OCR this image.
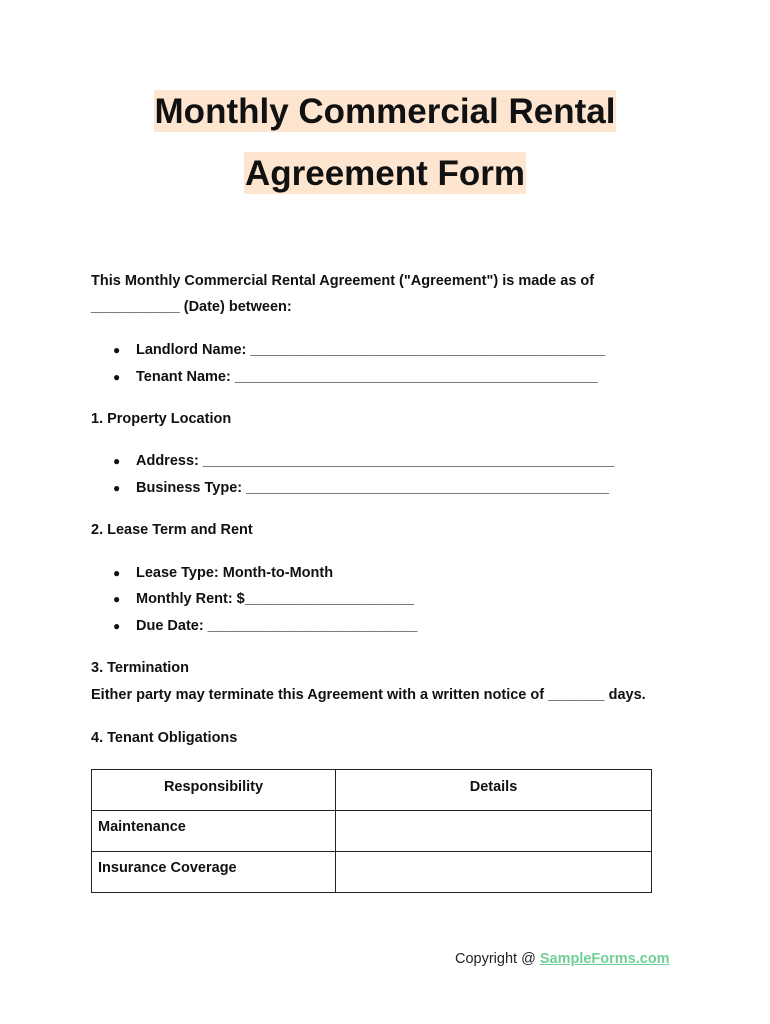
Monthly Commercial Rental
Agreement Form
This Monthly Commercial Rental Agreement ("Agreement") is made as of
___________ (Date) between:
● Landlord Name: ____________________________________________
● Tenant Name: _____________________________________________
1. Property Location
● Address: ___________________________________________________
● Business Type: _____________________________________________
2. Lease Term and Rent
● Lease Type: Month-to-Month
● Monthly Rent: $_____________________
● Due Date: __________________________
3. Termination
Either party may terminate this Agreement with a written notice of _______ days.
4. Tenant Obligations
Responsibility	Details
Maintenance	
Insurance Coverage	
Copyright @ SampleForms.com
